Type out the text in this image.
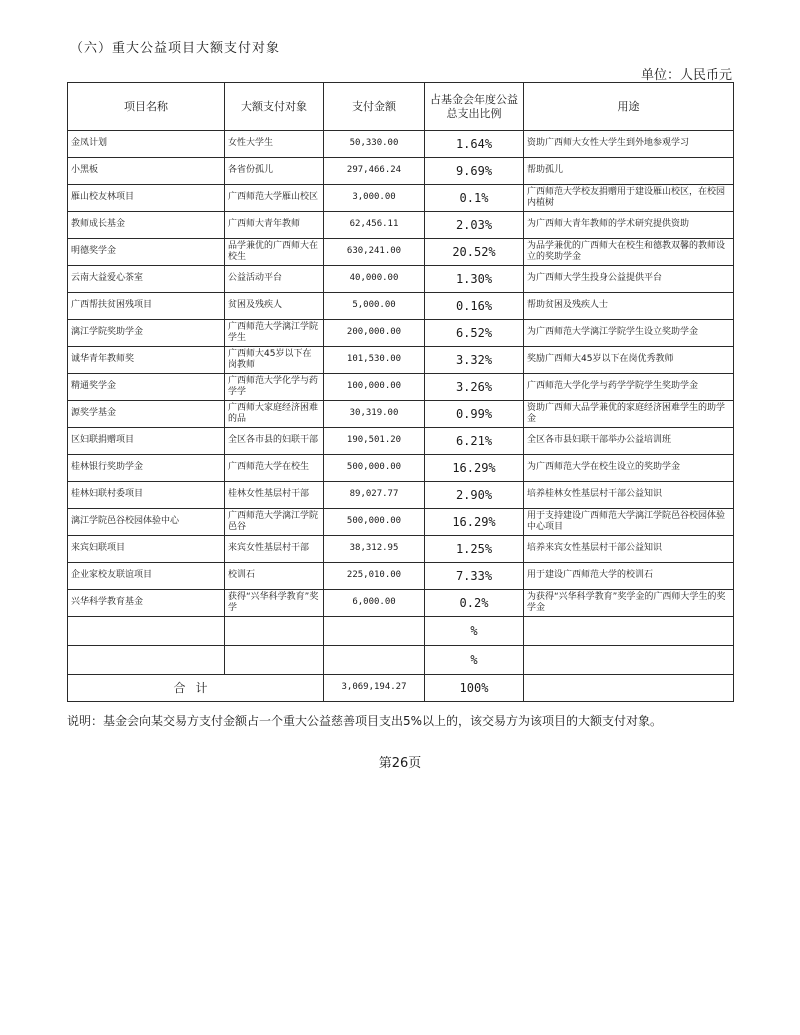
（六）重大公益项目大额支付对象
单位：人民币元
项目名称	大额支付对象	支付金额	占基金会年度公益总支出比例	用途
金凤计划	女性大学生	50,330.00	1.64%	资助广西师大女性大学生到外地参观学习
小黑板	各省份孤儿	297,466.24	9.69%	帮助孤儿
雁山校友林项目	广西师范大学雁山校区	3,000.00	0.1%	广西师范大学校友捐赠用于建设雁山校区，在校园内植树
教师成长基金	广西师大青年教师	62,456.11	2.03%	为广西师大青年教师的学术研究提供资助
明德奖学金	品学兼优的广西师大在校生	630,241.00	20.52%	为品学兼优的广西师大在校生和德教双馨的教师设立的奖助学金
云南大益爱心茶室	公益活动平台	40,000.00	1.30%	为广西师大学生投身公益提供平台
广西帮扶贫困残项目	贫困及残疾人	5,000.00	0.16%	帮助贫困及残疾人士
漓江学院奖助学金	广西师范大学漓江学院学生	200,000.00	6.52%	为广西师范大学漓江学院学生设立奖助学金
诚华青年教师奖	广西师大45岁以下在岗教师	101,530.00	3.32%	奖励广西师大45岁以下在岗优秀教师
精通奖学金	广西师范大学化学与药学学	100,000.00	3.26%	广西师范大学化学与药学学院学生奖助学金
源奖学基金	广西师大家庭经济困难的品	30,319.00	0.99%	资助广西师大品学兼优的家庭经济困难学生的助学金
区妇联捐赠项目	全区各市县的妇联干部	190,501.20	6.21%	全区各市县妇联干部举办公益培训班
桂林银行奖助学金	广西师范大学在校生	500,000.00	16.29%	为广西师范大学在校生设立的奖助学金
桂林妇联村委项目	桂林女性基层村干部	89,027.77	2.90%	培养桂林女性基层村干部公益知识
漓江学院邑谷校园体验中心	广西师范大学漓江学院邑谷	500,000.00	16.29%	用于支持建设广西师范大学漓江学院邑谷校园体验中心项目
来宾妇联项目	来宾女性基层村干部	38,312.95	1.25%	培养来宾女性基层村干部公益知识
企业家校友联谊项目	校训石	225,010.00	7.33%	用于建设广西师范大学的校训石
兴华科学教育基金	获得“兴华科学教育”奖学	6,000.00	0.2%	为获得“兴华科学教育”奖学金的广西师大学生的奖学金
			%	
			%	
合计		3,069,194.27	100%	
说明：基金会向某交易方支付金额占一个重大公益慈善项目支出5%以上的，该交易方为该项目的大额支付对象。
第26页
